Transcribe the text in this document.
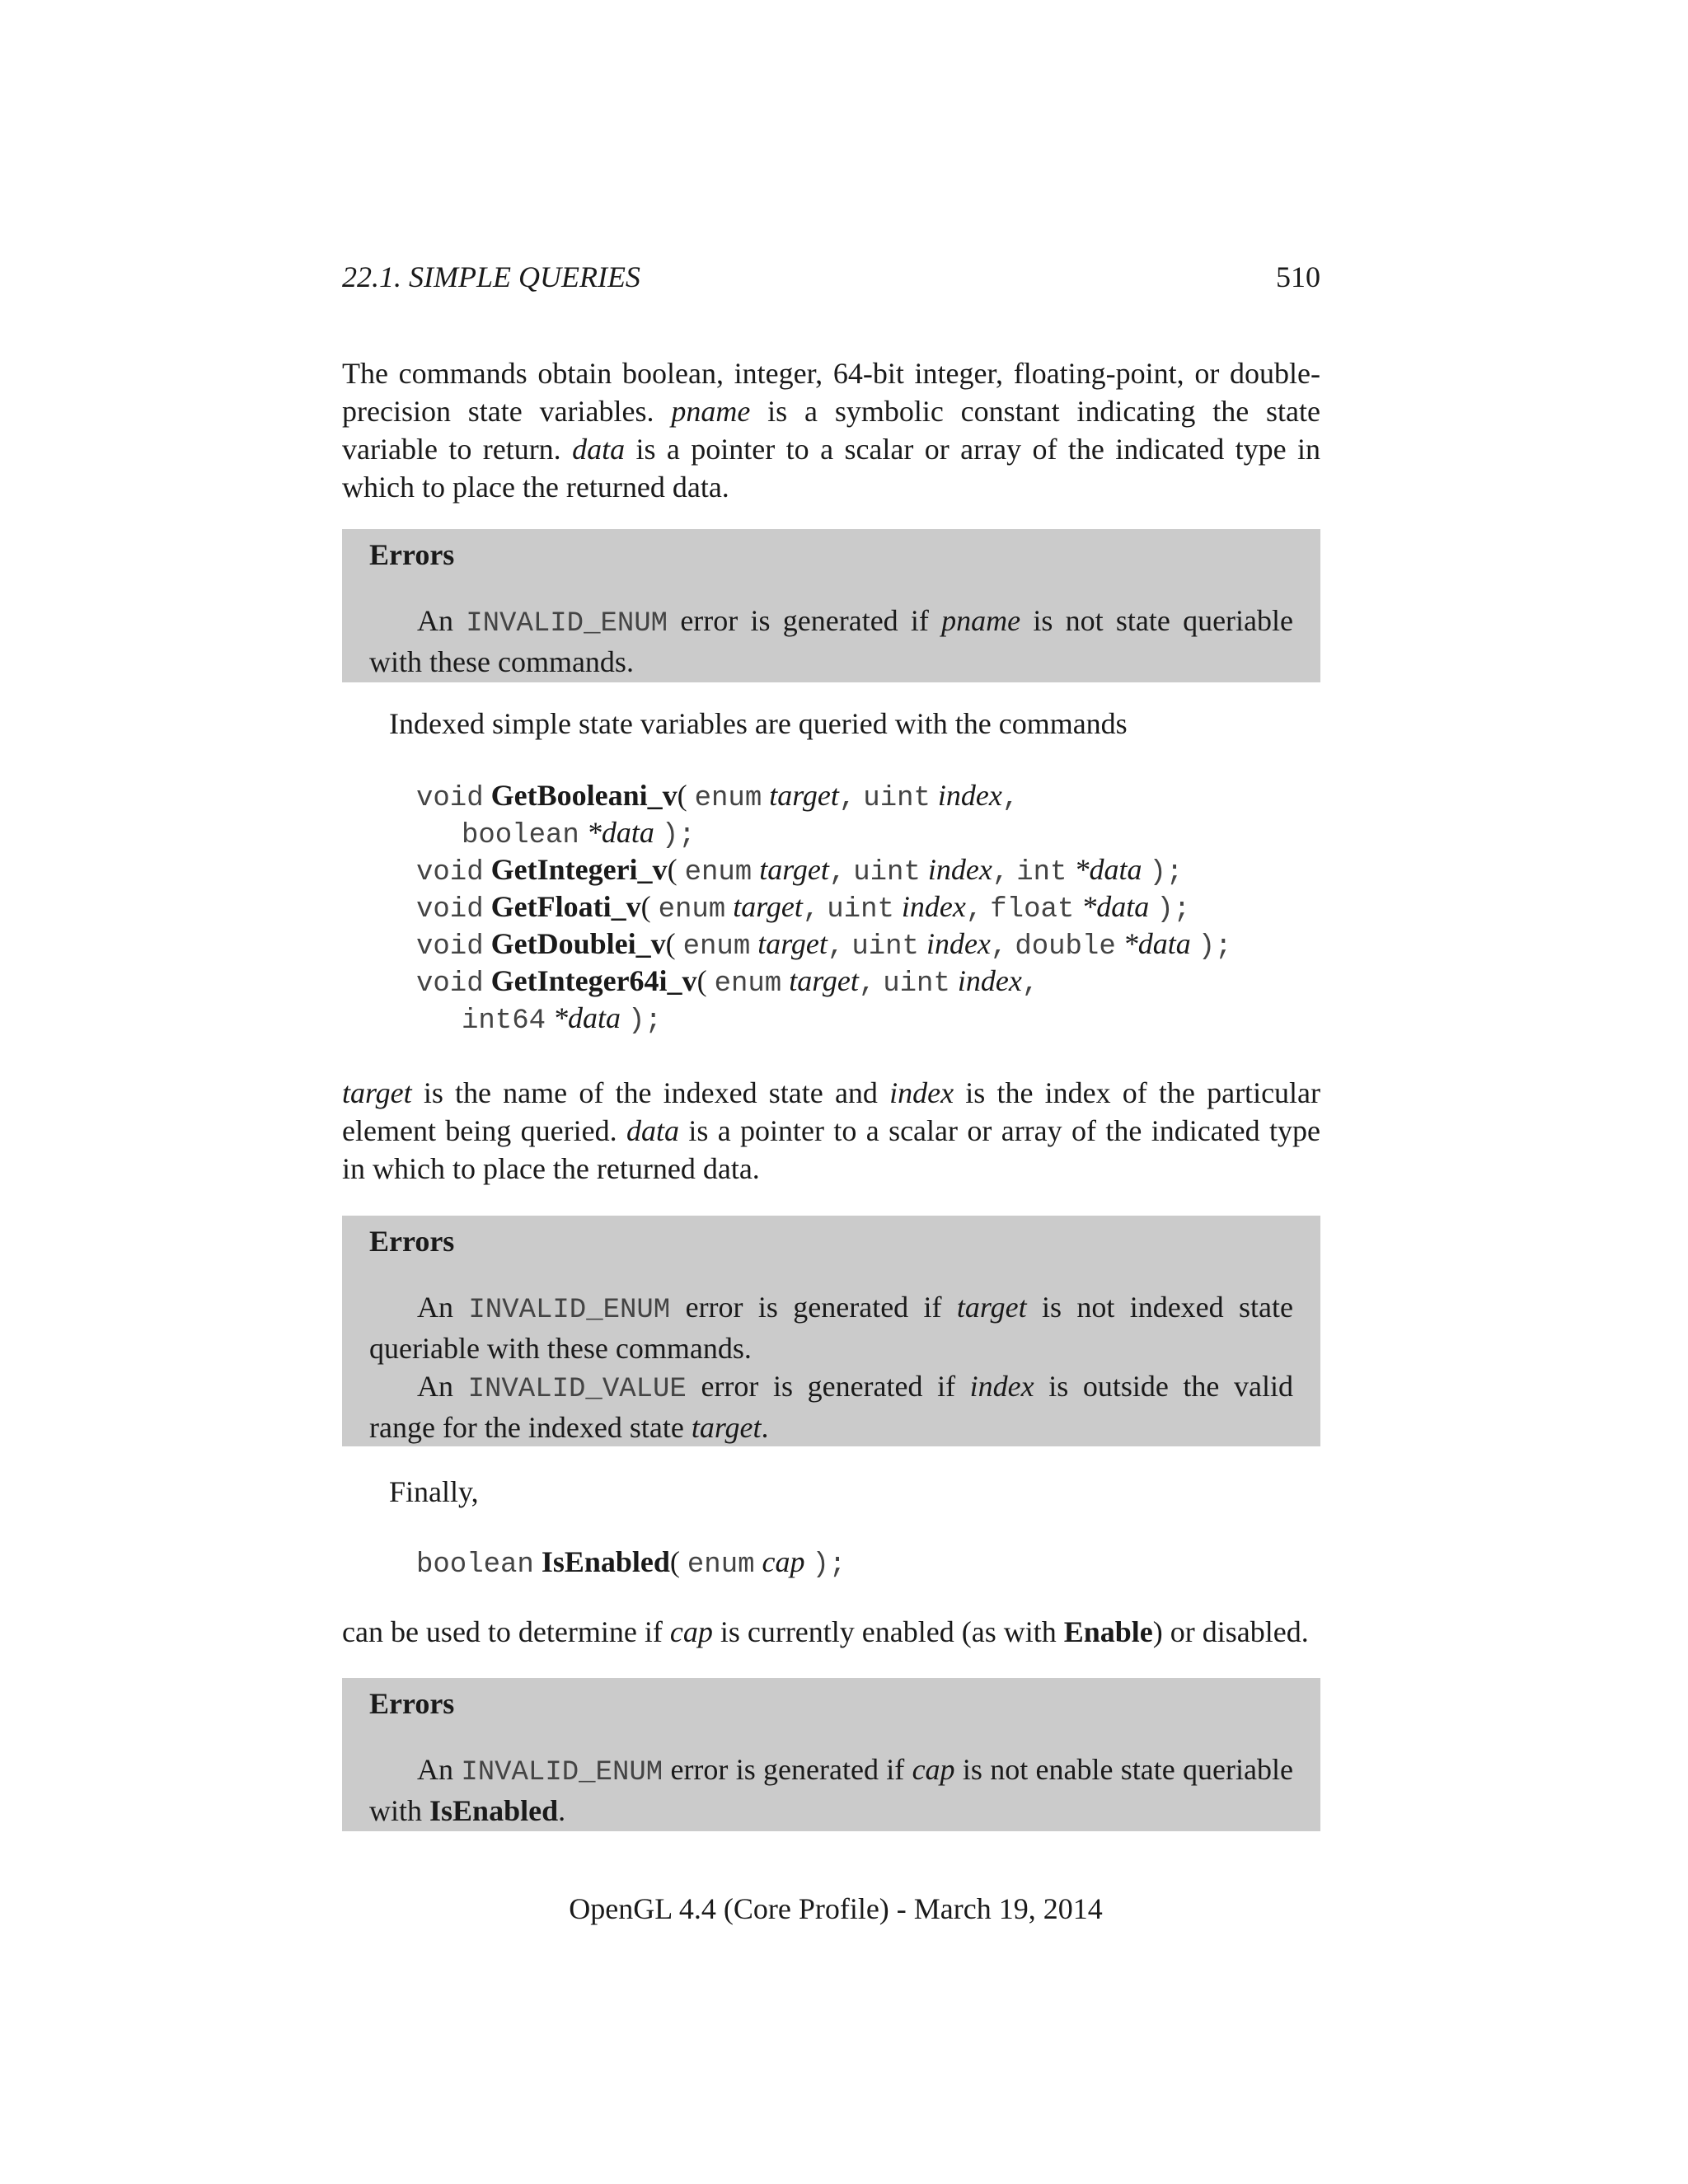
22.1. SIMPLE QUERIES	510
The commands obtain boolean, integer, 64-bit integer, floating-point, or double-precision state variables. pname is a symbolic constant indicating the state variable to return. data is a pointer to a scalar or array of the indicated type in which to place the returned data.
Errors

An INVALID_ENUM error is generated if pname is not state queriable with these commands.

Indexed simple state variables are queried with the commands
void GetBooleani_v( enum target, uint index,
boolean *data );
void GetIntegeri_v( enum target, uint index, int *data );
void GetFloati_v( enum target, uint index, float *data );
void GetDoublei_v( enum target, uint index, double *data );
void GetInteger64i_v( enum target, uint index,
int64 *data );
target is the name of the indexed state and index is the index of the particular element being queried. data is a pointer to a scalar or array of the indicated type in which to place the returned data.
Errors

An INVALID_ENUM error is generated if target is not indexed state queriable with these commands.

An INVALID_VALUE error is generated if index is outside the valid range for the indexed state target.

Finally,
boolean IsEnabled( enum cap );
can be used to determine if cap is currently enabled (as with Enable) or disabled.
Errors

An INVALID_ENUM error is generated if cap is not enable state queriable with IsEnabled.

OpenGL 4.4 (Core Profile) - March 19, 2014
